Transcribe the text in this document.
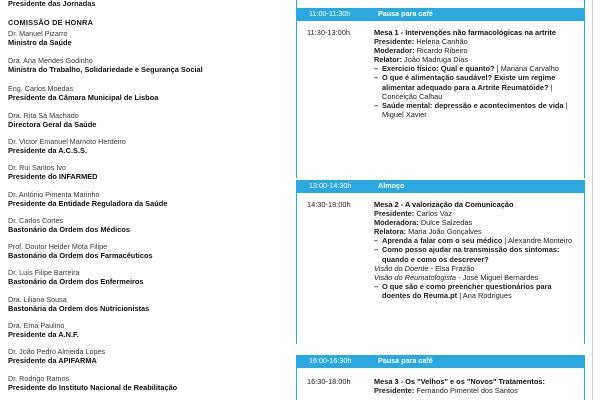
Presidente das Jornadas
COMISSÃO DE HONRA
Dr. Manuel Pizarro
Ministro da Saúde
Dra. Ana Mendes Godinho
Ministra do Trabalho, Solidariedade e Segurança Social
Eng. Carlos Moedas
Presidente da Câmara Municipal de Lisboa
Dra. Rita Sá Machado
Directora Geral da Saúde
Dr. Victor Emanuel Marnoto Herdeiro
Presidente da A.C.S.S.
Dr. Rui Santos Ivo
Presidente do INFARMED
Dr. António Pimenta Marinho
Presidente da Entidade Reguladora da Saúde
Dr. Carlos Cortes
Bastonário da Ordem dos Médicos
Prof. Doutor Helder Mota Filipe
Bastonário da Ordem dos Farmacêuticos
Dr. Luís Filipe Barreira
Bastonário da Ordem dos Enfermeiros
Dra. Liliana Sousa
Bastonária da Ordem dos Nutricionistas
Dra. Ema Paulino
Presidente da A.N.F.
Dr. João Pedro Almeida Lopes
Presidente da APIFARMA
Dr. Rodrigo Ramos
Presidente do Instituto Nacional de Reabilitação
11:00-11:30h	Pausa para café
11:30-13:00h	Mesa 1 - Intervenções não farmacológicas na artrite
Presidente: Helena Canhão
Moderador: Ricardo Ribeiro
Relator: João Madruga Dias
– Exercício físico: Qual e quanto? | Mariana Carvalho
– O que é alimentação saudável? Existe um regime alimentar adequado para a Artrite Reumatóide? | Conceição Calhau
– Saúde mental: depressão e acontecimentos de vida | Miguel Xavier
13:00-14:30h	Almoço
14:30-18:00h	Mesa 2 - A valorização da Comunicação
Presidente: Carlos Vaz
Moderadora: Dulce Salzedas
Relatora: Maria João Gonçalves
– Aprenda a falar com o seu médico | Alexandre Monteiro
– Como posso ajudar na transmissão dos sintomas: quando e como os descrever?
Visão do Doente - Elsa Frazão
Visão do Reumatologista - José Miguel Bernardes
– O que são e como preencher questionários para doentes do Reuma.pt | Ana Rodrigues
16:00-16:30h	Pausa para café
16:30-18:00h	Mesa 3 - Os "Velhos" e os "Novos" Tratamentos:
Presidente: Fernando Pimentel dos Santos
